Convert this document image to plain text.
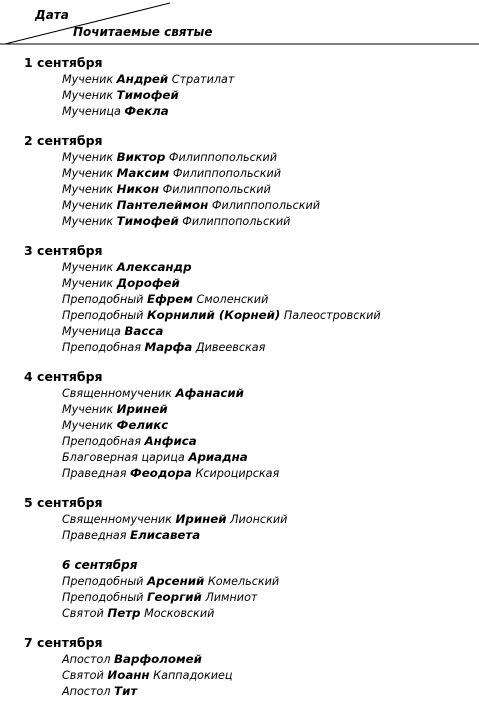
Дата
Почитаемые святые
1 сентября
Мученик Андрей Стратилат
Мученик Тимофей
Мученица Фекла
2 сентября
Мученик Виктор Филиппопольский
Мученик Максим Филиппопольский
Мученик Никон Филиппопольский
Мученик Пантелеймон Филиппопольский
Мученик Тимофей Филиппопольский
3 сентября
Мученик Александр
Мученик Дорофей
Преподобный Ефрем Смоленский
Преподобный Корнилий (Корней) Палеостровский
Мученица Васса
Преподобная Марфа Дивеевская
4 сентября
Священномученик Афанасий
Мученик Ириней
Мученик Феликс
Преподобная Анфиса
Благоверная царица Ариадна
Праведная Феодора Ксироцирская
5 сентября
Священномученик Ириней Лионский
Праведная Елисавета
6 сентября
Преподобный Арсений Комельский
Преподобный Георгий Лимниот
Святой Петр Московский
7 сентября
Апостол Варфоломей
Святой Иоанн Каппадокиец
Апостол Тит
